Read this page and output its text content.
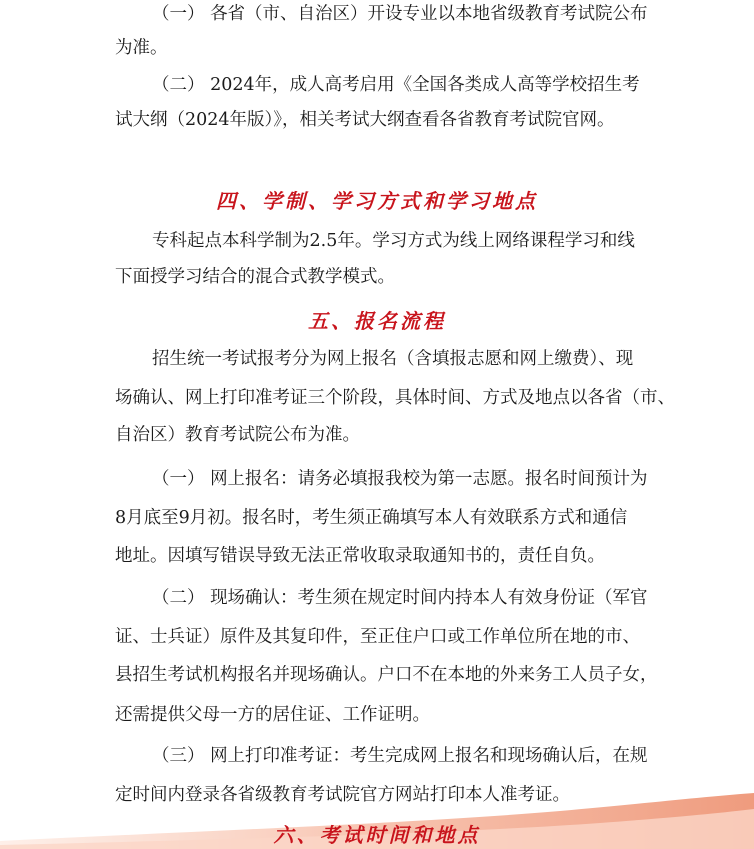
（一） 各省（市、自治区）开设专业以本地省级教育考试院公布
为准。
（二） 2024年，成人高考启用《全国各类成人高等学校招生考
试大纲（2024年版）》，相关考试大纲查看各省教育考试院官网。
四、学制、学习方式和学习地点
专科起点本科学制为2.5年。学习方式为线上网络课程学习和线
下面授学习结合的混合式教学模式。
五、报名流程
招生统一考试报考分为网上报名（含填报志愿和网上缴费）、现
场确认、网上打印准考证三个阶段，具体时间、方式及地点以各省（市、
自治区）教育考试院公布为准。
（一） 网上报名：请务必填报我校为第一志愿。报名时间预计为
8月底至9月初。报名时，考生须正确填写本人有效联系方式和通信
地址。因填写错误导致无法正常收取录取通知书的，责任自负。
（二） 现场确认：考生须在规定时间内持本人有效身份证（军官
证、士兵证）原件及其复印件，至正住户口或工作单位所在地的市、
县招生考试机构报名并现场确认。户口不在本地的外来务工人员子女，
还需提供父母一方的居住证、工作证明。
（三） 网上打印准考证：考生完成网上报名和现场确认后，在规
定时间内登录各省级教育考试院官方网站打印本人准考证。
六、考试时间和地点
